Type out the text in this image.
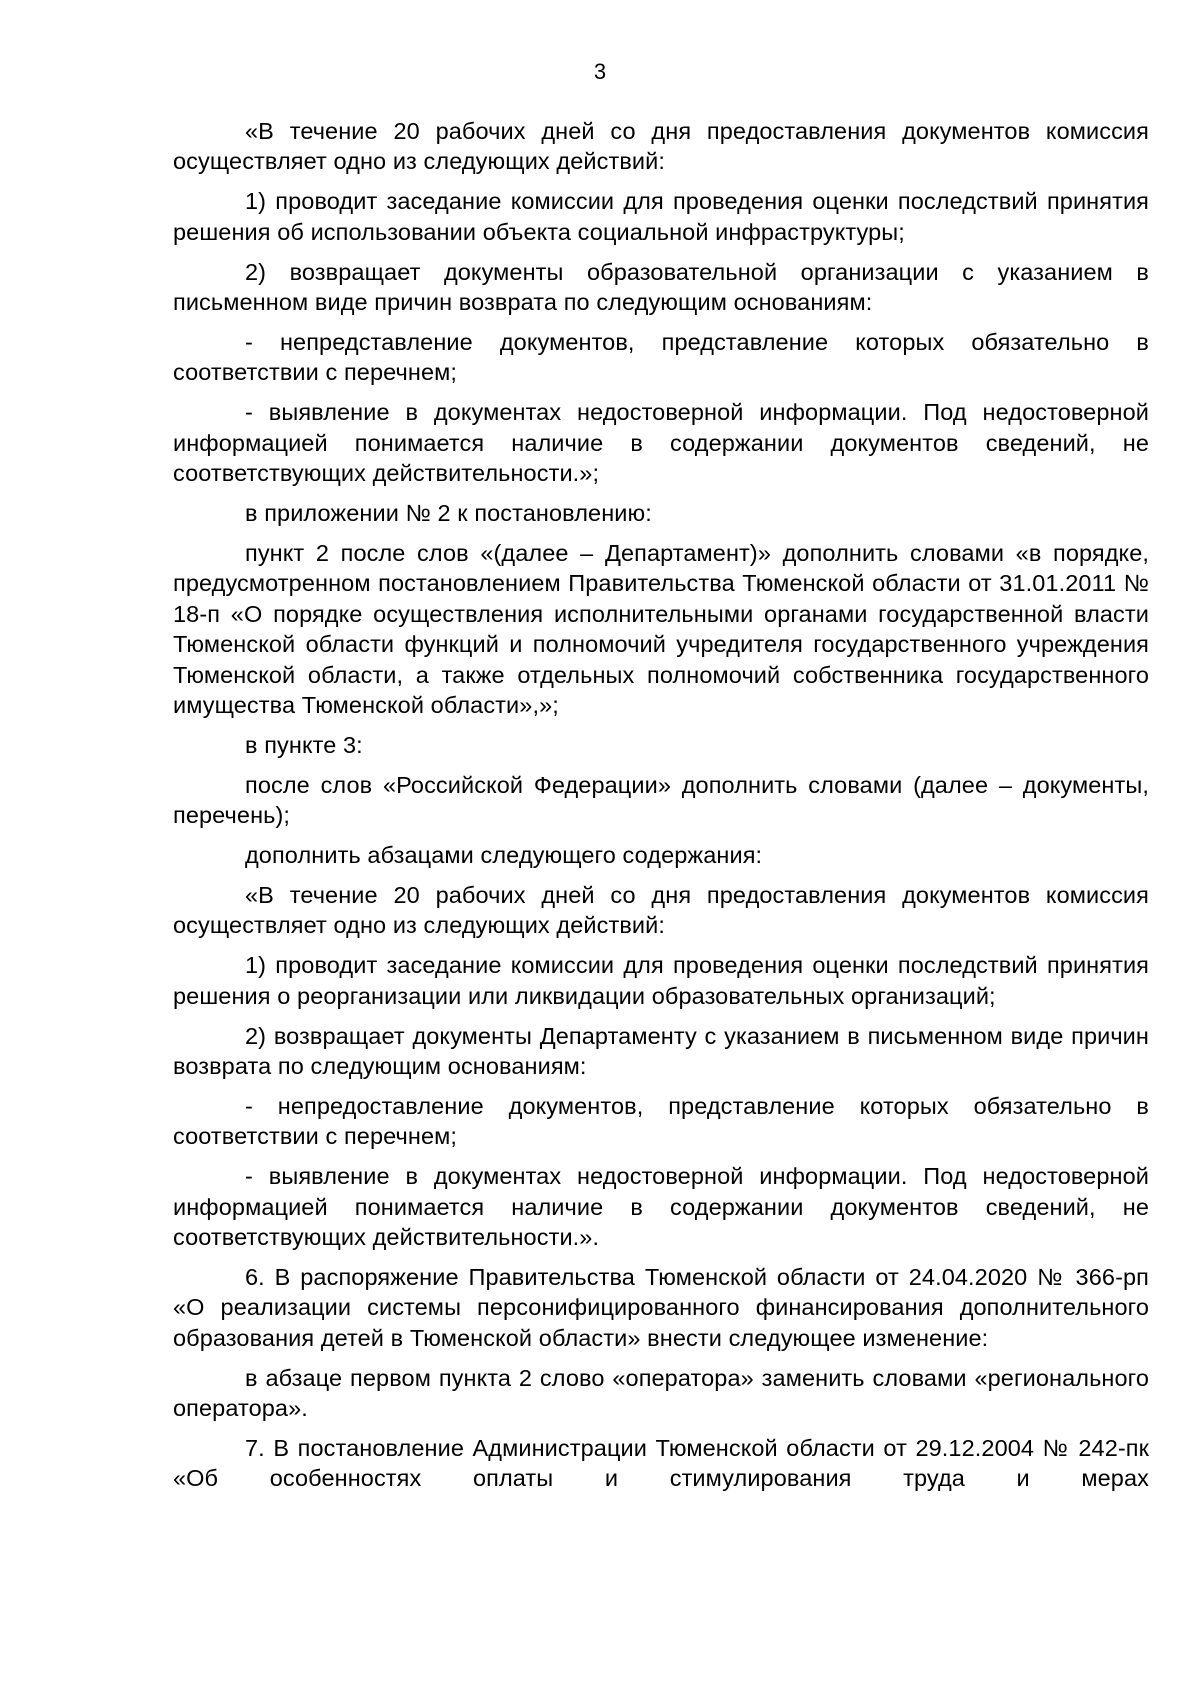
3

«В течение 20 рабочих дней со дня предоставления документов комиссия осуществляет одно из следующих действий:

1) проводит заседание комиссии для проведения оценки последствий принятия решения об использовании объекта социальной инфраструктуры;

2) возвращает документы образовательной организации с указанием в письменном виде причин возврата по следующим основаниям:

- непредставление документов, представление которых обязательно в соответствии с перечнем;

- выявление в документах недостоверной информации. Под недостоверной информацией понимается наличие в содержании документов сведений, не соответствующих действительности.»;

в приложении № 2 к постановлению:

пункт 2 после слов «(далее – Департамент)» дополнить словами «в порядке, предусмотренном постановлением Правительства Тюменской области от 31.01.2011 № 18-п «О порядке осуществления исполнительными органами государственной власти Тюменской области функций и полномочий учредителя государственного учреждения Тюменской области, а также отдельных полномочий собственника государственного имущества Тюменской области»,»;

в пункте 3:

после слов «Российской Федерации» дополнить словами (далее – документы, перечень);

дополнить абзацами следующего содержания:

«В течение 20 рабочих дней со дня предоставления документов комиссия осуществляет одно из следующих действий:

1) проводит заседание комиссии для проведения оценки последствий принятия решения о реорганизации или ликвидации образовательных организаций;

2) возвращает документы Департаменту с указанием в письменном виде причин возврата по следующим основаниям:

- непредоставление документов, представление которых обязательно в соответствии с перечнем;

- выявление в документах недостоверной информации. Под недостоверной информацией понимается наличие в содержании документов сведений, не соответствующих действительности.».

6. В распоряжение Правительства Тюменской области от 24.04.2020 № 366-рп «О реализации системы персонифицированного финансирования дополнительного образования детей в Тюменской области» внести следующее изменение:

в абзаце первом пункта 2 слово «оператора» заменить словами «регионального оператора».

7. В постановление Администрации Тюменской области от 29.12.2004 № 242-пк «Об особенностях оплаты и стимулирования труда и мерах
